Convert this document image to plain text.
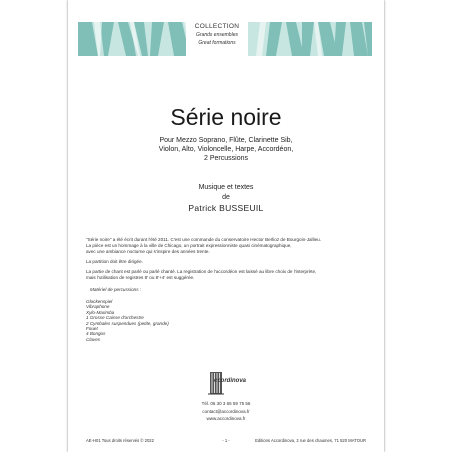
COLLECTION
Grands ensembles
Great formations
Série noire
Pour Mezzo Soprano, Flûte, Clarinette Sib,
Violon, Alto, Violoncelle, Harpe, Accordéon,
2 Percussions
Musique et textes
de
Patrick BUSSEUIL

"Série noire" a été écrit durant l'été 2011. C'est une commande du conservatoire Hector Berlioz de Bourgoin-Jallieu.
La pièce est un hommage à la ville de Chicago, un portrait expressionniste quasi cinématographique,
avec une ambiance nocturne qui s'inspire des années trente.

La partition doit être dirigée.

La partie de chant est parlé ou parlé chanté. La registration de l'accordéon est laissé au libre choix de l'interprète,
mais l'utilisation de registres 8' ou 8'+4' est suggérée.

Matériel de percussions :
Glockenspiel
Vibraphone
Xylo-Marimba
1 Grosse Caisse d'orchestre
2 Cymbales suspendues (petite, grande)
Fouet
4 Bongos
Claves
ccordinova
Tél. 06 30 3 65 59 75 56
contact@accordinova.fr
www.accordinova.fr
AE-H01 Tous droits réservés © 2022	- 1 -	Editions Accordinova, 2 rue des chaumes, 71 520 MATOUR
